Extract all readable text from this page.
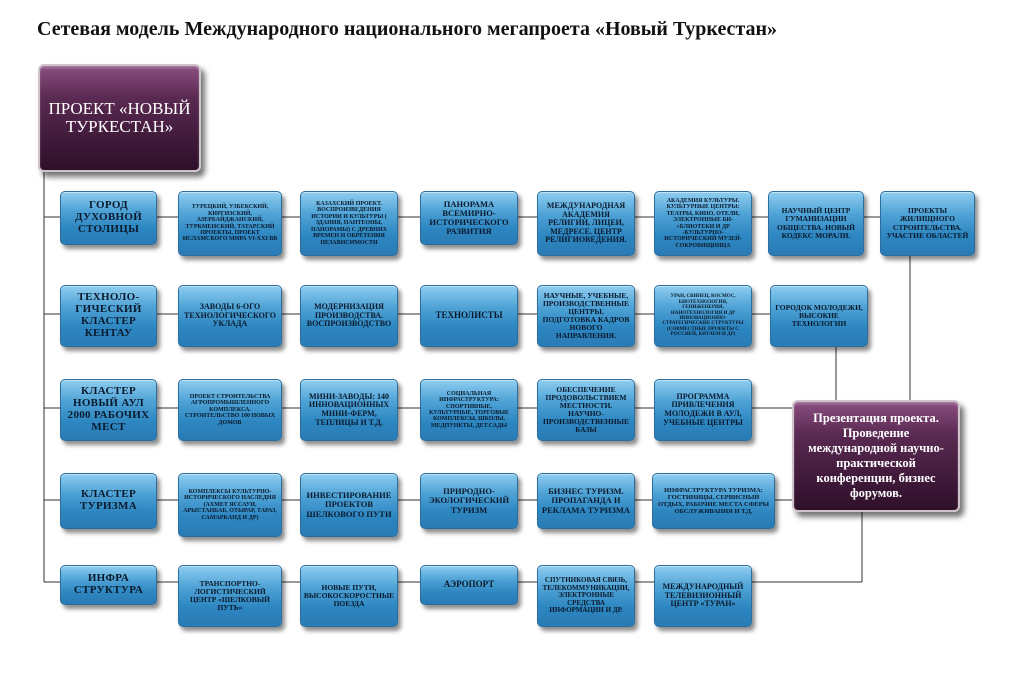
Сетевая модель Международного национального мегапроета «Новый Туркестан»
ПРОЕКТ «НОВЫЙ ТУРКЕСТАН»
ГОРОД ДУХОВНОЙ СТОЛИЦЫ
ТУРЕЦКИЙ, УЗБЕКСКИЙ, КИРГИЗСКИЙ, АЗЕРБАЙДЖАНСКИЙ, ТУРКМЕНСКИЙ, ТАТАРСКИЙ ПРОЕКТЫ, ПРОЕКТ ИСЛАМСКОГО МИРА VI-XXI ВВ
КАЗАХСКИЙ ПРОЕКТ. ВОСПРОИЗВЕДЕНИЯ ИСТОРИИ И КУЛЬТУРЫ ( ЗДАНИЯ, ПАНТЕОНЫ, ПАНОРАМЫ) С ДРЕВНИХ ВРЕМЕН И ОБРЕТЕНИЯ НЕЗАВИСИМОСТИ
ПАНОРАМА ВСЕМИРНО-ИСТОРИЧЕСКОГО РАЗВИТИЯ
МЕЖДУНАРОДНАЯ АКАДЕМИЯ РЕЛИГИИ, ЛИЦЕИ, МЕДРЕСЕ. ЦЕНТР РЕЛИГИОВЕДЕНИЯ.
АКАДЕМИЯ КУЛЬТУРЫ. КУЛЬТУРНЫЕ ЦЕНТРЫ: ТЕАТРЫ, КИНО, ОТЕЛИ, ЭЛЕКТРОННЫЕ БИ-+БЛИОТЕКИ И ДР -КУЛЬТУРНО-ИСТОРИЧЕСКИЙ МУЗЕЙ-СОКРОВИЩНИЦА
НАУЧНЫЙ ЦЕНТР ГУМАНИЗАЦИИ ОБЩЕСТВА. НОВЫЙ КОДЕКС МОРАЛИ.
ПРОЕКТЫ ЖИЛИЩНОГО СТРОИТЕЛЬСТВА. УЧАСТИЕ ОБЛАСТЕЙ
ТЕХНОЛО-ГИЧЕСКИЙ КЛАСТЕР КЕНТАУ
ЗАВОДЫ 6-ОГО ТЕХНОЛОГИЧЕСКОГО УКЛАДА
МОДЕРНИЗАЦИЯ ПРОИЗВОДСТВА. ВОСПРОИЗВОДСТВО
ТЕХНОЛИСТЫ
НАУЧНЫЕ, УЧЕБНЫЕ, ПРОИЗВОДСТВЕННЫЕ ЦЕНТРЫ. ПОДГОТОВКА КАДРОВ НОВОГО НАПРАВЛЕНИЯ.
УРАН, СВИНЕЦ, КОСМОС, БИОТЕХНОЛОГИЯ, ГЕНИЖЕНЕРИЯ, НАНОТЕХНОЛОГИЯ И ДР ИННОВАЦИОННО-СТРАТЕГИЧЕСКИЕ СТРУКТУРЫ (СОВМЕСТНЫЕ ПРОЕКТЫ С РОССИЕЙ, КИТАЕМ И ДР)
ГОРОДОК МОЛОДЕЖИ, ВЫСОКИЕ ТЕХНОЛОГИИ
КЛАСТЕР НОВЫЙ АУЛ 2000 РАБОЧИХ МЕСТ
ПРОЕКТ СТРОИТЕЛЬСТВА АГРОПРОМЫШЛЕННОГО КОМПЛЕКСА. СТРОИТЕЛЬСТВО 100 НОВЫХ ДОМОВ
МИНИ-ЗАВОДЫ: 140 ИННОВАЦИОННЫХ МИНИ-ФЕРМ, ТЕПЛИЦЫ И Т.Д.
СОЦИАЛЬНАЯ ИНФРАСТРУКТУРА: СПОРТИВНЫЕ, КУЛЬТУРНЫЕ, ТОРГОВЫЕ КОМПЛЕКСЫ, ШКОЛЫ, МЕДПУНКТЫ, ДЕТ.САДЫ
ОБЕСПЕЧЕНИЕ ПРОДОВОЛЬСТВИЕМ МЕСТНОСТИ. НАУЧНО-ПРОИЗВОДСТВЕННЫЕ БАЗЫ
ПРОГРАММА ПРИВЛЕЧЕНИЯ МОЛОДЕЖИ В АУЛ, УЧЕБНЫЕ ЦЕНТРЫ
КЛАСТЕР ТУРИЗМА
КОМПЛЕКСЫ КУЛЬТУРНО-ИСТОРИЧЕСКОГО НАСЛЕДИЯ (АХМЕТ ЯССАУИ, АРЫСТАНБАБ, ОТЫРАР, ТАРАЗ, САМАРКАНД И ДР)
ИНВЕСТИРОВАНИЕ ПРОЕКТОВ ШЕЛКОВОГО ПУТИ
ПРИРОДНО-ЭКОЛОГИЧЕСКИЙ ТУРИЗМ
БИЗНЕС ТУРИЗМ. ПРОПАГАНДА И РЕКЛАМА ТУРИЗМА
ИНФРАСТРУКТУРА ТУРИЗМА: ГОСТИНИЦЫ, СЕРВИСНЫЙ ОТДЫХ, РАБОЧИЕ МЕСТА СФЕРЫ ОБСЛУЖИВАНИЯ И Т.Д.
ИНФРА СТРУКТУРА
ТРАНСПОРТНО-ЛОГИСТИЧЕСКИЙ ЦЕНТР «ШЕЛКОВЫЙ ПУТЬ»
НОВЫЕ ПУТИ, ВЫСОКОСКОРОСТНЫЕ ПОЕЗДА
АЭРОПОРТ	СПУТНИКОВАЯ СВЯЗЬ, ТЕЛЕКОММУНИКАЦИИ, ЭЛЕКТРОННЫЕ СРЕДСТВА ИНФОРМАЦИИ И ДР.
МЕЖДУНАРОДНЫЙ ТЕЛЕВИЗИОННЫЙ ЦЕНТР «ТУРАН»
Презентация проекта. Проведение международной научно-практической конференции, бизнес форумов.
